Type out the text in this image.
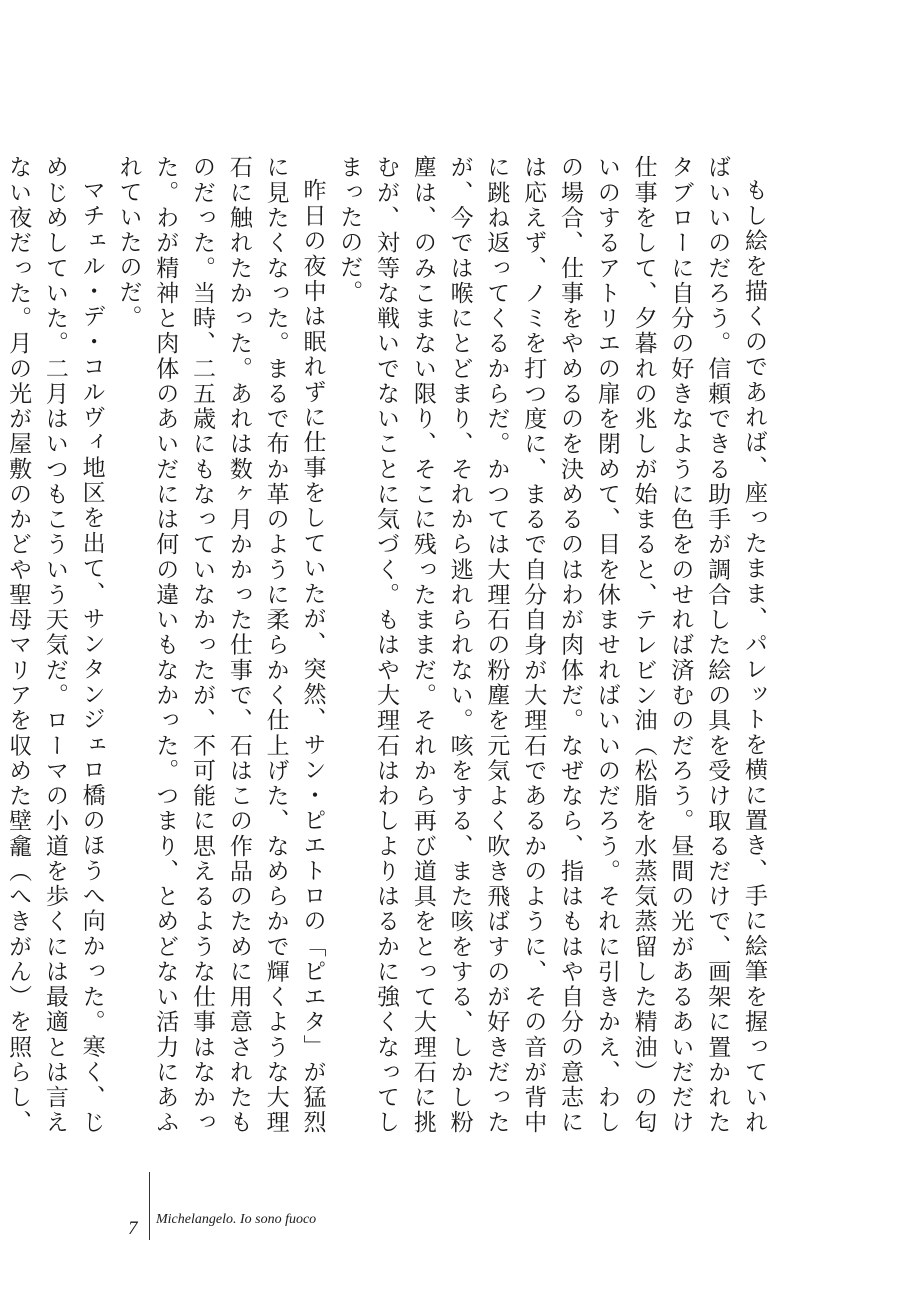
もし絵を描くのであれば、座ったまま、パレットを横に置き、手に絵筆を握っていればいいのだろう。信頼できる助手が調合した絵の具を受け取るだけで、画架に置かれたタブローに自分の好きなように色をのせれば済むのだろう。昼間の光があるあいだだけ仕事をして、夕暮れの兆しが始まると、テレビン油（松脂を水蒸気蒸留した精油）の匂いのするアトリエの扉を閉めて、目を休ませればいいのだろう。それに引きかえ、わしの場合、仕事をやめるのを決めるのはわが肉体だ。なぜなら、指はもはや自分の意志には応えず、ノミを打つ度に、まるで自分自身が大理石であるかのように、その音が背中に跳ね返ってくるからだ。かつては大理石の粉塵を元気よく吹き飛ばすのが好きだったが、今では喉にとどまり、それから逃れられない。咳をする、また咳をする、しかし粉塵は、のみこまない限り、そこに残ったままだ。それから再び道具をとって大理石に挑むが、対等な戦いでないことに気づく。もはや大理石はわしよりはるかに強くなってしまったのだ。

昨日の夜中は眠れずに仕事をしていたが、突然、サン・ピエトロの「ピエタ」が猛烈に見たくなった。まるで布か革のように柔らかく仕上げた、なめらかで輝くような大理石に触れたかった。あれは数ヶ月かかった仕事で、石はこの作品のために用意されたものだった。当時、二五歳にもなっていなかったが、不可能に思えるような仕事はなかった。わが精神と肉体のあいだには何の違いもなかった。つまり、とめどない活力にあふれていたのだ。

マチェル・デ・コルヴィ地区を出て、サンタンジェロ橋のほうへ向かった。寒く、じめじめしていた。二月はいつもこういう天気だ。ローマの小道を歩くには最適とは言えない夜だった。月の光が屋敷のかどや聖母マリアを収めた壁龕（へきがん）を照らし、

7 Michelangelo. Io sono fuoco
